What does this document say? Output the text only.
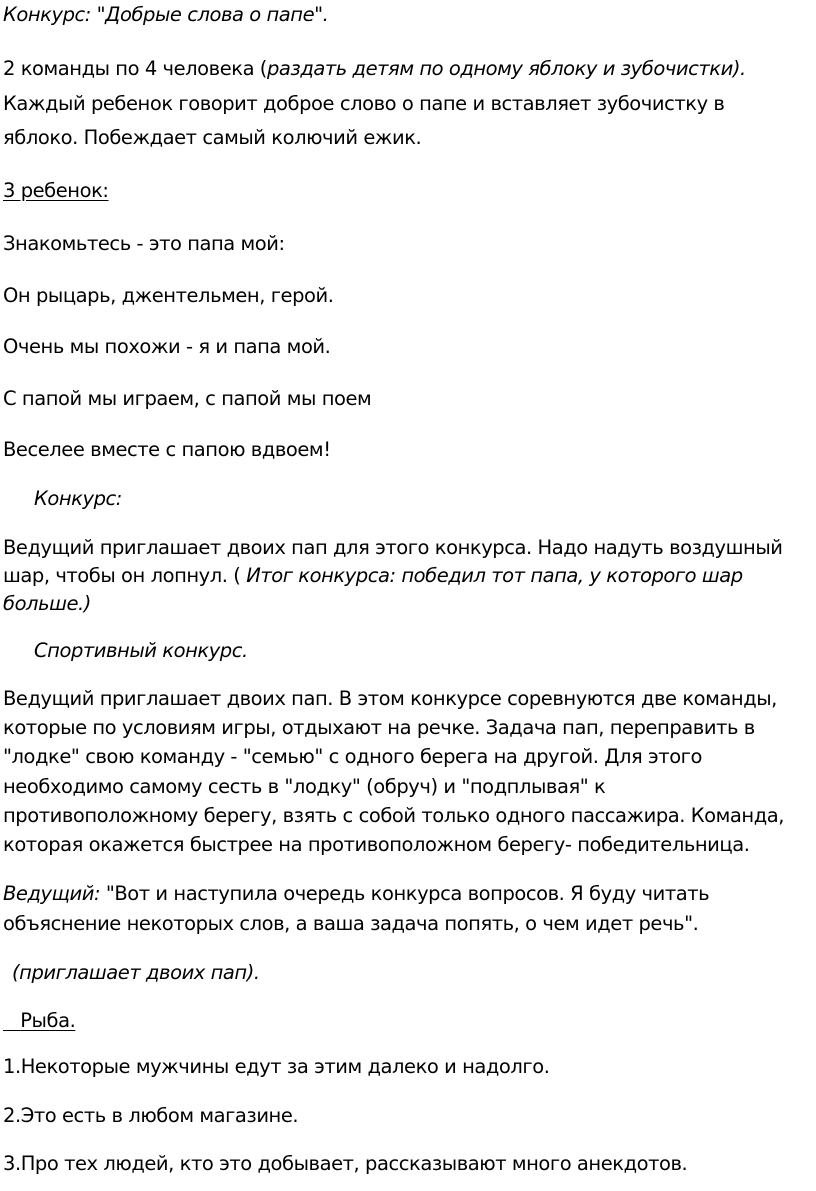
Конкурс: "Добрые слова о папе".

2 команды по 4 человека (раздать детям по одному яблоку и зубочистки).

Каждый ребенок говорит доброе слово о папе и вставляет зубочистку в

яблоко. Побеждает самый колючий ежик.

3 ребенок:

Знакомьтесь - это папа мой:

Он рыцарь, джентельмен, герой.

Очень мы похожи - я и папа мой.

С папой мы играем, с папой мы поем

Веселее вместе с папою вдвоем!

Конкурс:

Ведущий приглашает двоих пап для этого конкурса. Надо надуть воздушный

шар, чтобы он лопнул. ( Итог конкурса: победил тот папа, у которого шар

больше.)

Спортивный конкурс.

Ведущий приглашает двоих пап. В этом конкурсе соревнуются две команды,

которые по условиям игры, отдыхают на речке. Задача пап, переправить в

"лодке" свою команду - "семью" с одного берега на другой. Для этого

необходимо самому сесть в "лодку" (обруч) и "подплывая" к

противоположному берегу, взять с собой только одного пассажира. Команда,

которая окажется быстрее на противоположном берегу- победительница.

Ведущий: "Вот и наступила очередь конкурса вопросов. Я буду читать

объяснение некоторых слов, а ваша задача попять, о чем идет речь".

(приглашает двоих пап).

Рыба.

1.Некоторые мужчины едут за этим далеко и надолго.

2.Это есть в любом магазине.

3.Про тех людей, кто это добывает, рассказывают много анекдотов.
